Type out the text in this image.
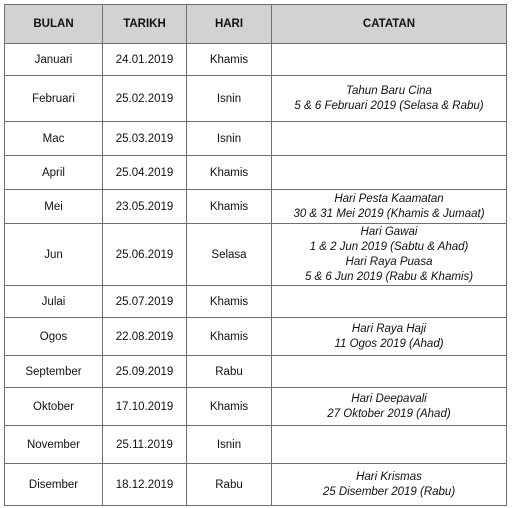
BULAN	TARIKH	HARI	CATATAN
Januari	24.01.2019	Khamis	
Februari	25.02.2019	Isnin	Tahun Baru Cina
5 & 6 Februari 2019 (Selasa & Rabu)

Mac	25.03.2019	Isnin	
April	25.04.2019	Khamis	
Mei	23.05.2019	Khamis	Hari Pesta Kaamatan
30 & 31 Mei 2019 (Khamis & Jumaat)

Jun	25.06.2019	Selasa	Hari Gawai
1 & 2 Jun 2019 (Sabtu & Ahad)
Hari Raya Puasa
5 & 6 Jun 2019 (Rabu & Khamis)

Julai	25.07.2019	Khamis	
Ogos	22.08.2019	Khamis	Hari Raya Haji
11 Ogos 2019 (Ahad)

September	25.09.2019	Rabu	
Oktober	17.10.2019	Khamis	Hari Deepavali
27 Oktober 2019 (Ahad)

November	25.11.2019	Isnin	
Disember	18.12.2019	Rabu	Hari Krismas
25 Disember 2019 (Rabu)
